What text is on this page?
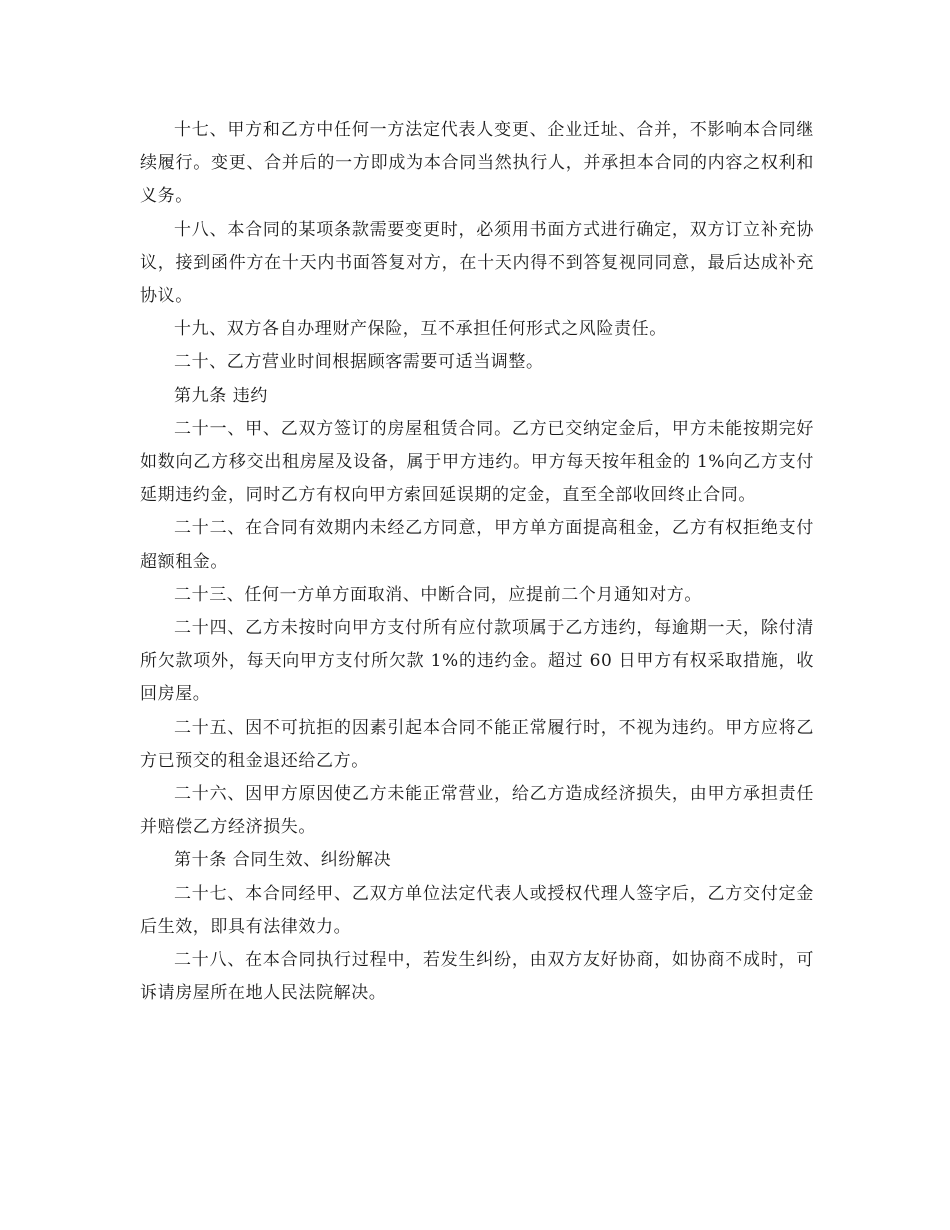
十七、甲方和乙方中任何一方法定代表人变更、企业迁址、合并，不影响本合同继续履行。变更、合并后的一方即成为本合同当然执行人，并承担本合同的内容之权利和义务。

十八、本合同的某项条款需要变更时，必须用书面方式进行确定，双方订立补充协议，接到函件方在十天内书面答复对方，在十天内得不到答复视同同意，最后达成补充协议。

十九、双方各自办理财产保险，互不承担任何形式之风险责任。

二十、乙方营业时间根据顾客需要可适当调整。

第九条 违约

二十一、甲、乙双方签订的房屋租赁合同。乙方已交纳定金后，甲方未能按期完好如数向乙方移交出租房屋及设备，属于甲方违约。甲方每天按年租金的 1%向乙方支付延期违约金，同时乙方有权向甲方索回延误期的定金，直至全部收回终止合同。

二十二、在合同有效期内未经乙方同意，甲方单方面提高租金，乙方有权拒绝支付超额租金。

二十三、任何一方单方面取消、中断合同，应提前二个月通知对方。

二十四、乙方未按时向甲方支付所有应付款项属于乙方违约，每逾期一天，除付清所欠款项外，每天向甲方支付所欠款 1%的违约金。超过 60 日甲方有权采取措施，收回房屋。

二十五、因不可抗拒的因素引起本合同不能正常履行时，不视为违约。甲方应将乙方已预交的租金退还给乙方。

二十六、因甲方原因使乙方未能正常营业，给乙方造成经济损失，由甲方承担责任并赔偿乙方经济损失。

第十条 合同生效、纠纷解决

二十七、本合同经甲、乙双方单位法定代表人或授权代理人签字后，乙方交付定金后生效，即具有法律效力。

二十八、在本合同执行过程中，若发生纠纷，由双方友好协商，如协商不成时，可诉请房屋所在地人民法院解决。
